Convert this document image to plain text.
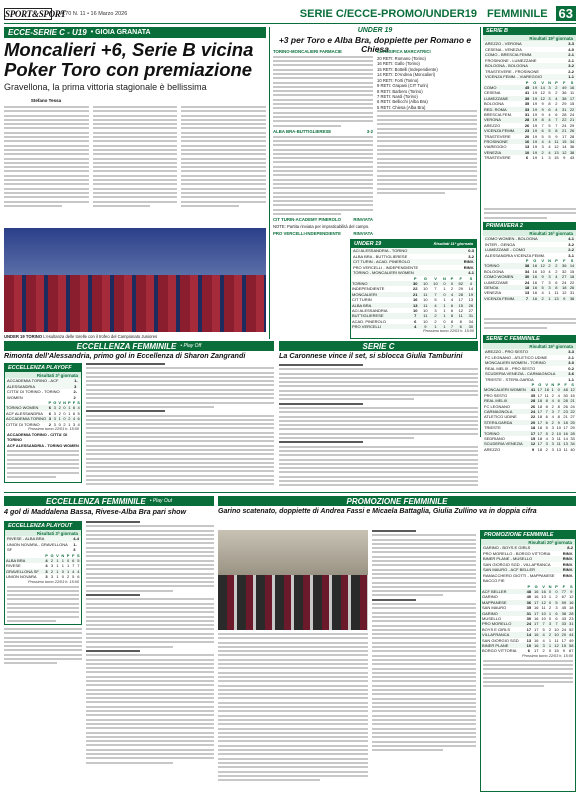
SPORT&SPORT
A.70 N. 11 • 16 Marzo 2026	SERIE C/ECCE-PROMO/UNDER19 FEMMINILE 63
ECCE-SERIE C - U19 • GIOIA GRANATA
Moncalieri +6, Serie B vicina
Poker Toro con premiazione
Gravellona, la prima vittoria stagionale è bellissima
Stefano Tessa
UNDER 19 TORINO L'esultanza delle torelle con il trofeo del Campionato Juniores
UNDER 19
+3 per Toro e Alba Bra, doppiette per Romano e Chiesa
TORINO-MONCALIERI FARMACIE
ALBA BRA-BUTTIGLIERESE	3-2
CIT TURIN-ACADEMY PINEROLO	RINVIATA
NOTE: Partita rinviata per impraticabilità del campo.
PRO VERCELLI-INDEPENDIENTE	RINVIATA
CLASSIFICA MARCATRICI
20 RETI: Romano (Torino)
16 RETI: Gallo (Torino)
15 RETI: Bottelli (Independiente)
14 RETI: D'Andrea (Moncalieri)
10 RETI: Forti (Torino)
9 RETI: Grapasi (CIT Turin)
8 RETI: Barbero (Torino)
7 RETI: Nardi (Torino)
6 RETI: Bellicchi (Alba Bra)
5 RETI: Chiesa (Alba Bra)
UNDER 19	Risultati 11ª giornata
ACI ALESSANDRIA - TORINO	0-3
ALBA BRA - BUTTIGLIERESE	3-2
CIT TURIN - ACAD. PINEROLO	RINV.
PRO VERCELLI - INDEPENDIENTE	RINV.
TORINO - MONCALIERI WOMEN	4-1
	P	G	V	N	P	F	S
TORINO	30	10	10	0	0	52	4
INDEPENDIENTE	22	10	7	1	2	29	14
MONCALIERI	21	11	7	0	4	28	19
CIT TURIN	16	10	5	1	4	17	13
ALBA BRA	13	11	4	1	6	15	26
ACI ALESSANDRIA	10	10	3	1	6	12	27
BUTTIGLIERESE	7	11	2	1	8	11	31
ACAD. PINEROLO	6	10	2	0	8	8	34
PRO VERCELLI	4	9	1	1	7	6	30
Prossimo turno 22/03 h. 15:00
SERIE B
Risultati 19ª giornata
AREZZO - VERONA	3-3
CESENA - VENEZIA	4-0
COMO - BRESCIA FEMM.	2-1
FROSINONE - LUMEZZANE	2-1
BOLOGNA - BOLOGNA	3-2
TRASTEVERE - FROSINONE	2-2
VICENZA FEMM. - VIAREGGIO	1-1
	P	G	V	N	P	F	S
COMO	45	19	14	3	2	49	16
CESENA	41	19	12	5	2	36	11
LUMEZZANE	39	19	12	3	4	38	17
BOLOGNA	35	19	9	8	2	29	15
RED. ROMA	33	19	9	6	4	31	22
BRESCIA FEM.	31	19	9	4	6	28	24
VERONA	28	19	8	4	7	22	21
AREZZO	26	19	7	5	7	24	29
VICENZA FEMM.	23	19	6	5	8	21	26
TRASTEVERE	20	19	5	5	9	17	28
FROSINONE	16	19	4	4	11	15	34
VIAREGGIO	13	19	3	4	12	14	36
VENEZIA	10	19	2	4	13	12	38
TRASTEVERE	6	19	1	3	15	9	43
PRIMAVERA 2
Risultati 16ª giornata
COMO WOMEN - BOLOGNA	4-1
INTER - GENOA	3-2
LUMEZZANE - COMO	2-2
ALESSANDRIA VICENZA FEMM.	3-1
	P	G	V	N	P	F	S
TORINO	38	16	12	2	2	36	14
BOLOGNA	34	16	10	4	2	32	15
COMO WOMEN	30	16	9	3	4	27	18
LUMEZZANE	24	16	7	3	6	24	22
GENOA	18	16	5	3	8	18	26
VENEZIA	13	16	4	1	11	12	31
VICENZA FEMM.	7	16	2	1	13	9	38
SERIE C FEMMINILE
Risultati 19ª giornata
AREZZO - PRO SESTO	3-3
FC LEGNANO - ATLETICO UDINE	2-1
MONCALIERI WOMEN - TORINO	3-0
REAL MELIX - PRO SESTO	0-2
SCUDERIA VENEZIA - CARMAGNOLA	3-6
TRIESTE - STERILGARDA	1-1
	P	G	V	N	P	F	S
MONCALIERI WOMEN	41	17	16	1	0	48	12
PRO SESTO	35	17	11	2	4	30	15
REAL MELIX	28	18	8	4	6	28	21
FC LEGNANO	26	18	8	2	8	26	24
CARMAGNOLA	24	17	7	3	7	23	22
ATLETICO UDINE	22	18	6	4	8	21	27
STERILGARDA	20	17	6	2	9	18	25
TRIESTE	18	18	5	3	10	17	29
TORINO	17	17	5	2	10	16	28
SEDRIANO	15	18	4	3	11	14	33
SCUDERIA VENEZIA	12	17	3	3	11	13	34
AREZZO	9	18	2	3	13	11	40
ECCELLENZA FEMMINILE • Play Off
Rimonta dell'Alessandria, primo gol in Eccellenza di Sharon Zangrandi
ECCELLENZA PLAYOFF
Risultati 3ª giornata
ACCADEMIA TORINO - ACF ALESSANDRIA
1-3
CITTA' DI TORINO - TORINO WOMEN
2-2
	P	G	V	N	P	F	S
TORINO WOMEN	6	3	2	0	1	6	4
ACF ALESSANDRIA	6	3	2	0	1	6	5
ACCADEMIA TORINO	3	3	1	0	2	4	6
CITTA' DI TORINO	2	3	0	2	1	3	4
Prossimo turno 22/03 h. 15:00
ACCADEMIA TORINO - CITTA' DI TORINO
ACF ALESSANDRIA - TORINO WOMEN
SERIE C
La Caronnese vince il set, si sblocca Giulia Tamburini
ECCELLENZA FEMMINILE • Play Out
4 gol di Maddalena Bassa, Rivese-Alba Bra pari show
ECCELLENZA PLAYOUT
Risultati 3ª giornata
RIVESE - ALBA BRA	4-4
UNION NOVARA - GRAVELLONA SF
1-3
	P	G	V	N	P	F	S
ALBA BRA	4	2	1	1	0	6	5
RIVESE	4	3	1	1	1	7	7
GRAVELLONA SF	3	2	1	0	1	4	4
UNION NOVARA	3	3	1	0	2	5	6
Prossimo turno 22/03 h. 15:00
PROMOZIONE FEMMINILE
Garino scatenato, doppiette di Andrea Fassi e Micaela Battaglia, Giulia Zullino va in doppia cifra
PROMOZIONE FEMMINILE
Risultati 20ª giornata
GARINO - BOYS E GIRLS	8-2
PRO MORELLO - BORGO VITTORIA	RINV.
BINER PLANE - MUSELLO	RINV.
SAN GIORGIO SGD - VILLAFRANCA	RINV.
SAN MAURO - ACF BELLER	RINV.
RAMACCHERO GIOTTI - MAPPANESE BACCO FIE
RINV.
	P	G	V	N	P	F	S
ACF BELLER	48	16	16	0	0	77	9
GARINO	40	16	13	1	2	67	12
MAPPANESE	36	17	12	0	5	59	16
SAN MAURO	35	16	11	2	3	45	18
GARINO	31	17	10	1	6	38	28
MUSELLO	30	16	10	0	6	43	23
PRO MORELLO	24	17	7	3	7	33	31
BOYS E GIRLS	17	17	5	2	10	24	52
VILLAFRANCA	14	16	4	2	10	20	44
SAN GIORGIO SGD	13	16	4	1	11	17	49
BINER PLANE	10	16	3	1	12	15	58
BORGO VITTORIA	6	17	2	0	15	9	67
Prossimo turno 22/03 h. 15:00
